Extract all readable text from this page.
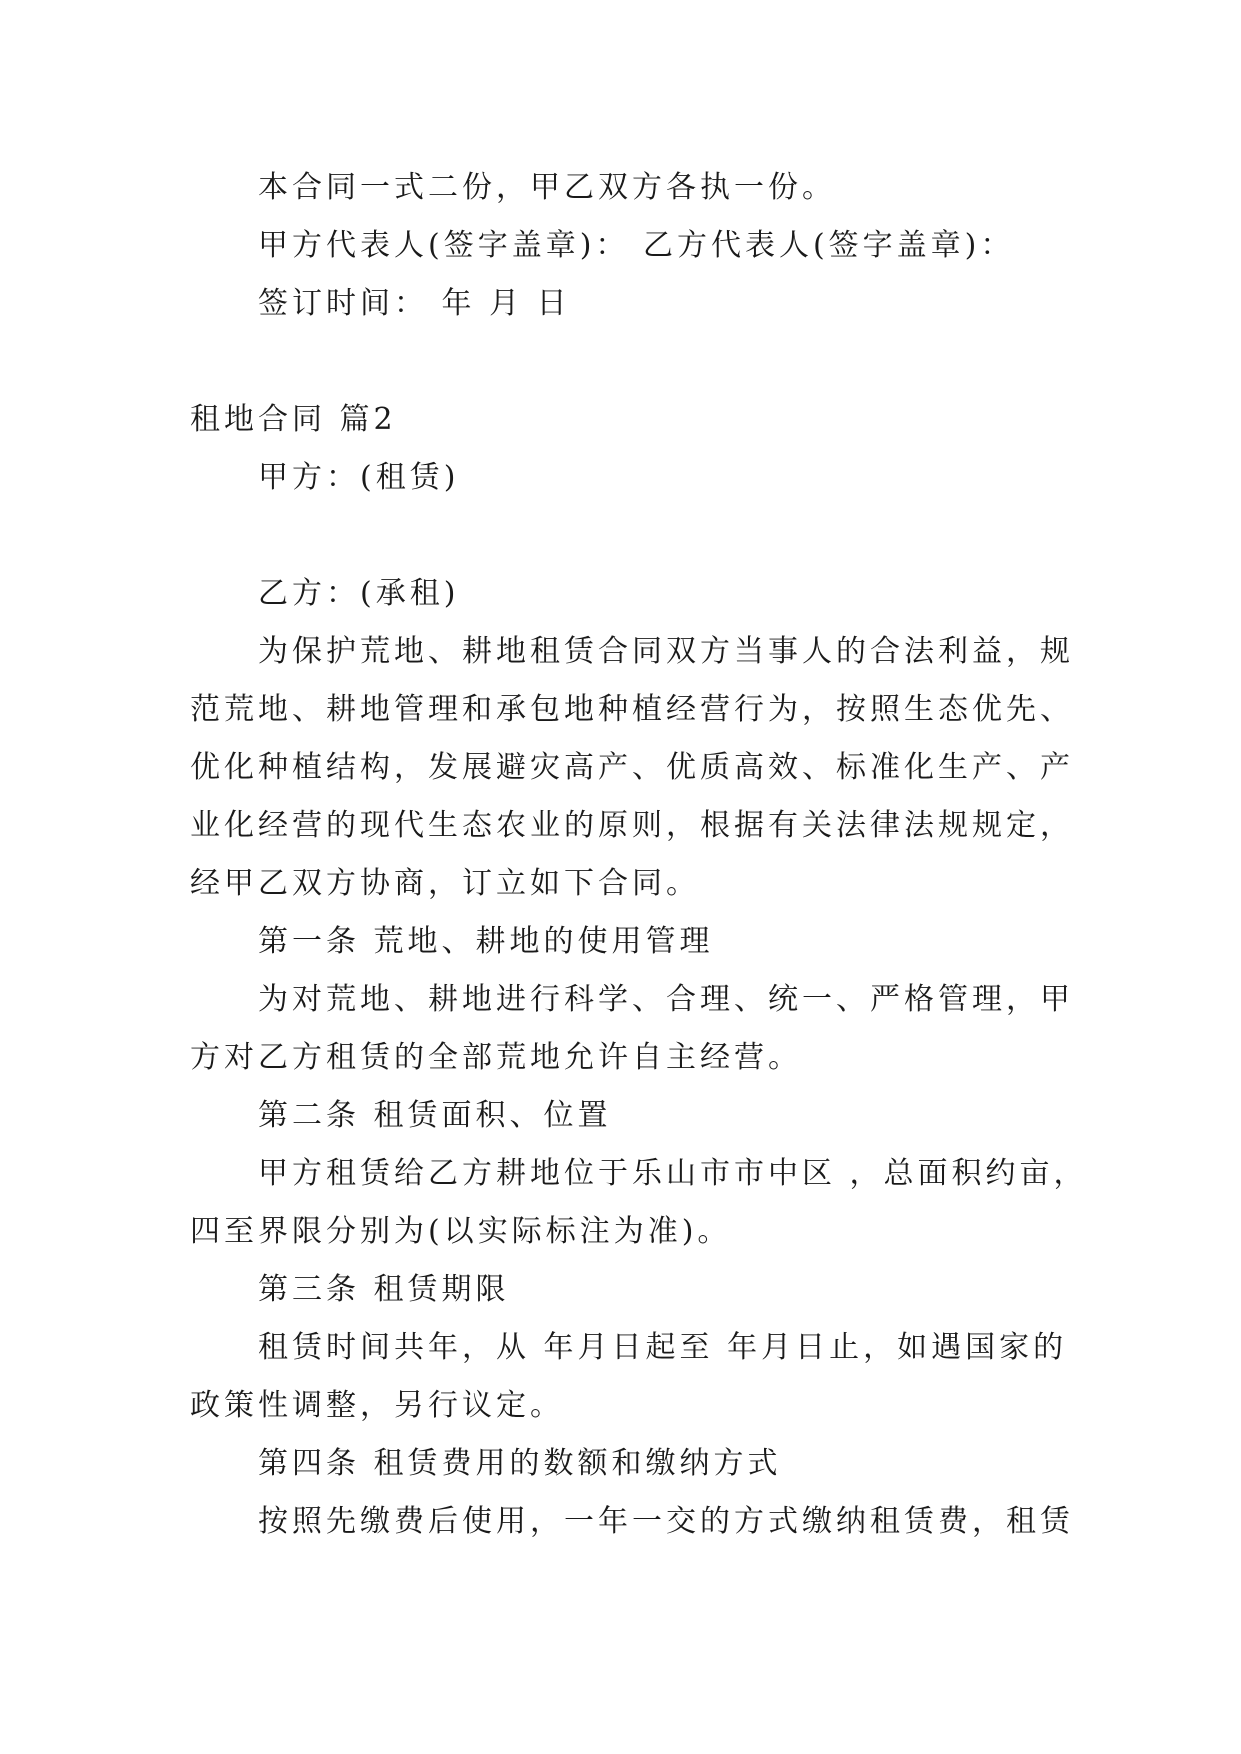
本合同一式二份，甲乙双方各执一份。
甲方代表人(签字盖章)： 乙方代表人(签字盖章)：
签订时间： 年 月 日
租地合同 篇2
甲方：(租赁)
乙方：(承租)
为保护荒地、耕地租赁合同双方当事人的合法利益，规
范荒地、耕地管理和承包地种植经营行为，按照生态优先、
优化种植结构，发展避灾高产、优质高效、标准化生产、产
业化经营的现代生态农业的原则，根据有关法律法规规定，
经甲乙双方协商，订立如下合同。
第一条 荒地、耕地的使用管理
为对荒地、耕地进行科学、合理、统一、严格管理，甲
方对乙方租赁的全部荒地允许自主经营。
第二条 租赁面积、位置
甲方租赁给乙方耕地位于乐山市市中区 ，总面积约亩，
四至界限分别为(以实际标注为准)。
第三条 租赁期限
租赁时间共年，从 年月日起至 年月日止，如遇国家的
政策性调整，另行议定。
第四条 租赁费用的数额和缴纳方式
按照先缴费后使用，一年一交的方式缴纳租赁费，租赁
